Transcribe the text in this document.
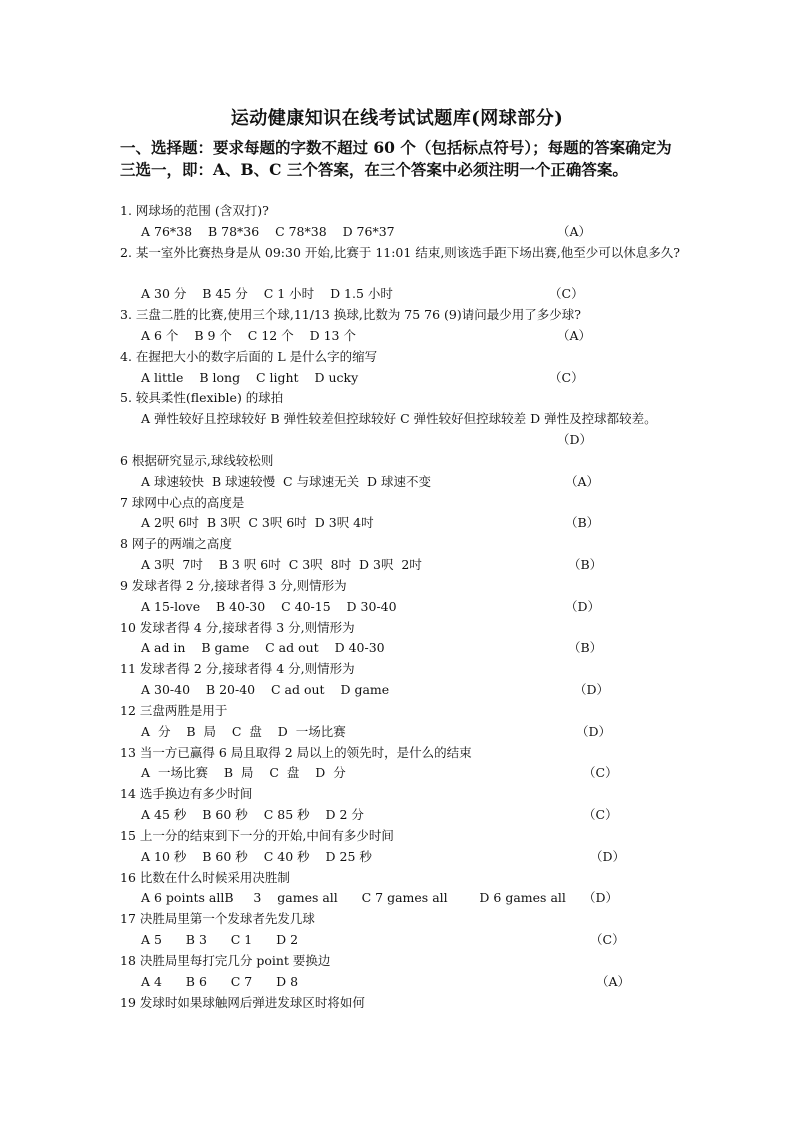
运动健康知识在线考试试题库(网球部分)
一、选择题：要求每题的字数不超过 60 个（包括标点符号）；每题的答案确定为三选一，即：A、B、C 三个答案，在三个答案中必须注明一个正确答案。
1. 网球场的范围 (含双打)?
A 76*38    B 78*36    C 78*38    D 76*37	（A）
2. 某一室外比赛热身是从 09:30 开始,比赛于 11:01 结束,则该选手距下场出赛,他至少可以休息多久?
A 30 分    B 45 分    C 1 小时    D 1.5 小时	（C）
3. 三盘二胜的比赛,使用三个球,11/13 换球,比数为 75 76 (9)请问最少用了多少球?
A 6 个    B 9 个    C 12 个    D 13 个	（A）
4. 在握把大小的数字后面的 L 是什么字的缩写
A little    B long    C light    D ucky	（C）
5. 较具柔性(flexible) 的球拍
A 弹性较好且控球较好 B 弹性较差但控球较好 C 弹性较好但控球较差 D 弹性及控球都较差。
（D）
6 根据研究显示,球线较松则
A 球速较快  B 球速较慢  C 与球速无关  D 球速不变	（A）
7 球网中心点的高度是
A 2呎 6吋  B 3呎  C 3呎 6吋  D 3呎 4吋	（B）
8 网子的两端之高度
A 3呎  7吋    B 3 呎 6吋  C 3呎  8吋  D 3呎  2吋	（B）
9 发球者得 2 分,接球者得 3 分,则情形为
A 15-love    B 40-30    C 40-15    D 30-40	（D）
10 发球者得 4 分,接球者得 3 分,则情形为
A ad in    B game    C ad out    D 40-30	（B）
11 发球者得 2 分,接球者得 4 分,则情形为
A 30-40    B 20-40    C ad out    D game	（D）
12 三盘两胜是用于
A  分    B  局    C  盘    D  一场比赛	（D）
13 当一方已赢得 6 局且取得 2 局以上的领先时，是什么的结束
A  一场比赛    B  局    C  盘    D  分	（C）
14 选手换边有多少时间
A 45 秒    B 60 秒    C 85 秒    D 2 分	（C）
15 上一分的结束到下一分的开始,中间有多少时间
A 10 秒    B 60 秒    C 40 秒    D 25 秒	（D）
16 比数在什么时候采用决胜制
A 6 points allB     3    games all      C 7 games all        D 6 games all （D）
17 决胜局里第一个发球者先发几球
A 5      B 3      C 1      D 2	（C）
18 决胜局里每打完几分 point 要换边
A 4      B 6      C 7      D 8	（A）
19 发球时如果球触网后弹进发球区时将如何
